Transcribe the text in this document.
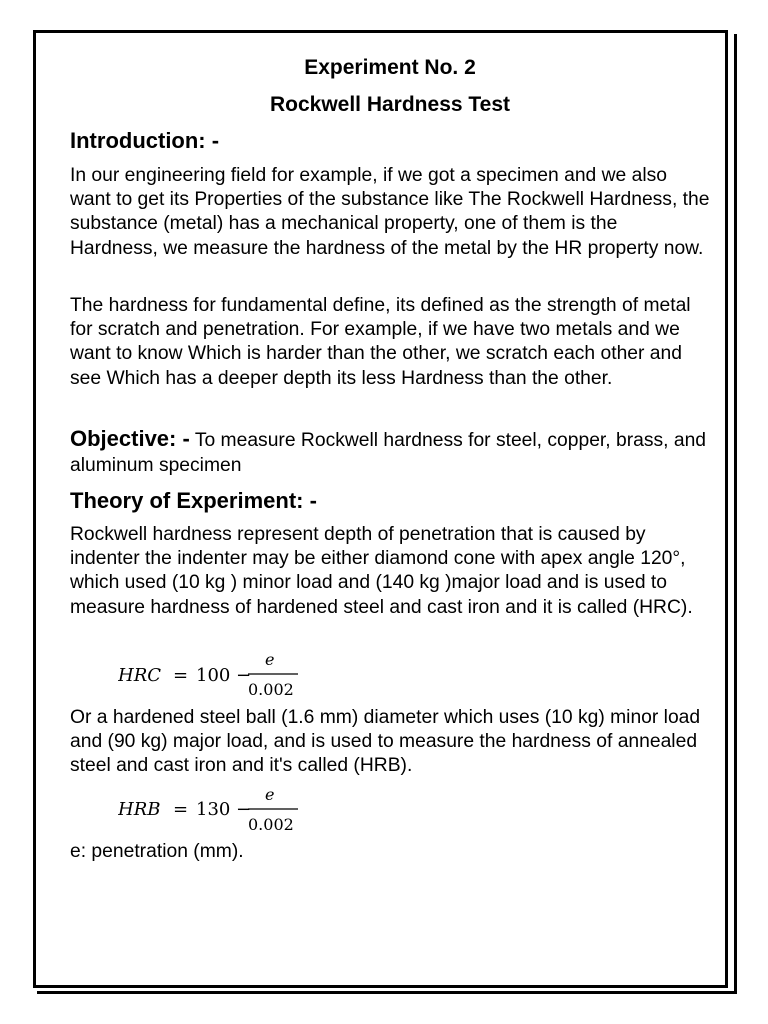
Experiment No. 2
Rockwell Hardness Test
Introduction: -

In our engineering field for example, if we got a specimen and we also want to get its Properties of the substance like The Rockwell Hardness, the substance (metal) has a mechanical property, one of them is the Hardness, we measure the hardness of the metal by the HR property now.

The hardness for fundamental define, its defined as the strength of metal for scratch and penetration. For example, if we have two metals and we want to know Which is harder than the other, we scratch each other and see Which has a deeper depth its less Hardness than the other.

Objective: - To measure Rockwell hardness for steel, copper, brass, and aluminum specimen

Theory of Experiment: -

Rockwell hardness represent depth of penetration that is caused by indenter the indenter may be either diamond cone with apex angle 120°, which used (10 kg ) minor load and (140 kg )major load and is used to measure hardness of hardened steel and cast iron and it is called (HRC).

HRC = 100 −
e
0.002

Or a hardened steel ball (1.6 mm) diameter which uses (10 kg) minor load and (90 kg) major load, and is used to measure the hardness of annealed steel and cast iron and it's called (HRB).

HRB = 130 −
e
0.002

e: penetration (mm).
